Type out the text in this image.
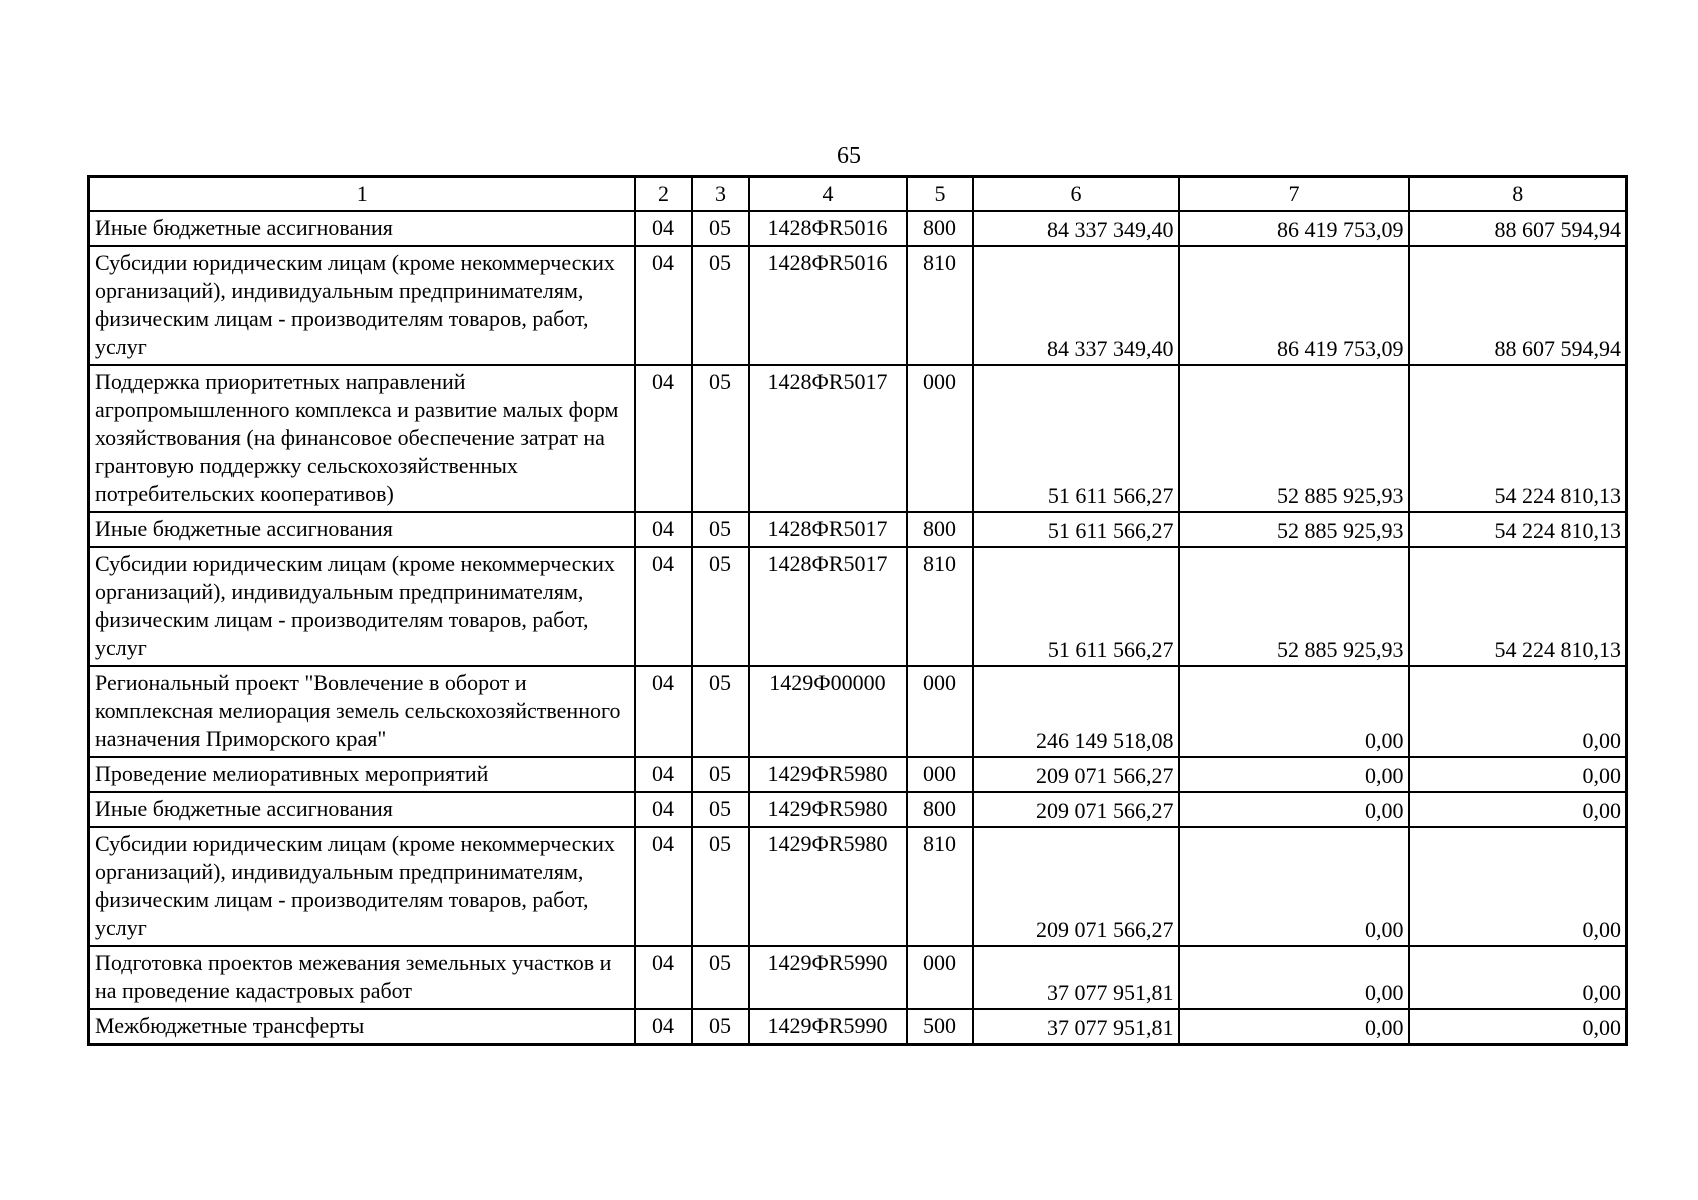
65
1	2	3	4	5	6	7	8
Иные бюджетные ассигнования	04	05	1428ФR5016	800	84 337 349,40	86 419 753,09	88 607 594,94
Субсидии юридическим лицам (кроме некоммерческих организаций), индивидуальным предпринимателям, физическим лицам - производителям товаров, работ, услуг	04	05	1428ФR5016	810	84 337 349,40	86 419 753,09	88 607 594,94
Поддержка приоритетных направлений агропромышленного комплекса и развитие малых форм хозяйствования (на финансовое обеспечение затрат на грантовую поддержку сельскохозяйственных потребительских кооперативов)	04	05	1428ФR5017	000	51 611 566,27	52 885 925,93	54 224 810,13
Иные бюджетные ассигнования	04	05	1428ФR5017	800	51 611 566,27	52 885 925,93	54 224 810,13
Субсидии юридическим лицам (кроме некоммерческих организаций), индивидуальным предпринимателям, физическим лицам - производителям товаров, работ, услуг	04	05	1428ФR5017	810	51 611 566,27	52 885 925,93	54 224 810,13
Региональный проект "Вовлечение в оборот и комплексная мелиорация земель сельскохозяйственного назначения Приморского края"	04	05	1429Ф00000	000	246 149 518,08	0,00	0,00
Проведение мелиоративных мероприятий	04	05	1429ФR5980	000	209 071 566,27	0,00	0,00
Иные бюджетные ассигнования	04	05	1429ФR5980	800	209 071 566,27	0,00	0,00
Субсидии юридическим лицам (кроме некоммерческих организаций), индивидуальным предпринимателям, физическим лицам - производителям товаров, работ, услуг	04	05	1429ФR5980	810	209 071 566,27	0,00	0,00
Подготовка проектов межевания земельных участков и на проведение кадастровых работ	04	05	1429ФR5990	000	37 077 951,81	0,00	0,00
Межбюджетные трансферты	04	05	1429ФR5990	500	37 077 951,81	0,00	0,00
